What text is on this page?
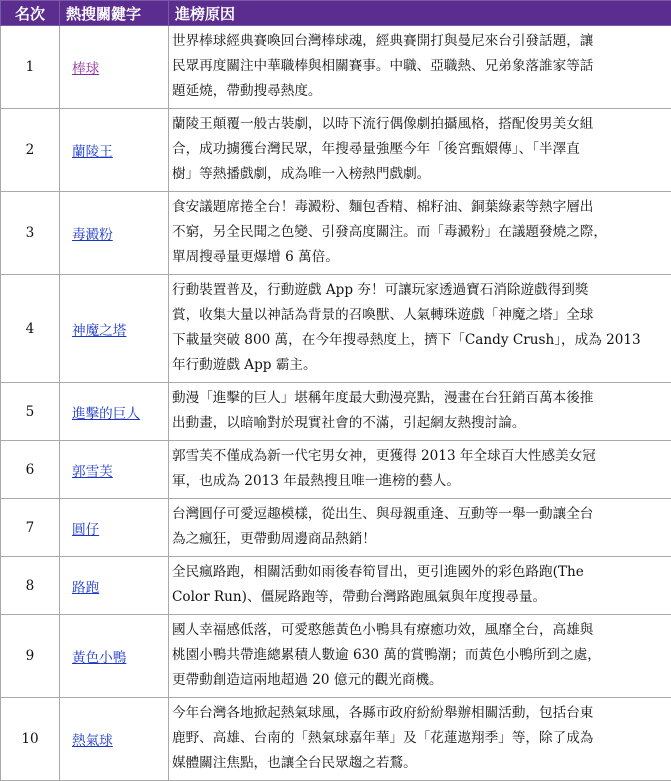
名次	熱搜關鍵字	進榜原因
1	棒球	世界棒球經典賽喚回台灣棒球魂，經典賽開打與曼尼來台引發話題，讓
民眾再度關注中華職棒與相關賽事。中職、亞職熱、兄弟象落誰家等話
題延燒，帶動搜尋熱度。

2	蘭陵王	蘭陵王顛覆一般古裝劇，以時下流行偶像劇拍攝風格，搭配俊男美女組
合，成功擄獲台灣民眾，年搜尋量強壓今年「後宮甄嬛傳」、「半澤直
樹」等熱播戲劇，成為唯一入榜熱門戲劇。

3	毒澱粉	食安議題席捲全台！毒澱粉、麵包香精、棉籽油、銅葉綠素等熱字層出
不窮，另全民聞之色變、引發高度關注。而「毒澱粉」在議題發燒之際，
單周搜尋量更爆增 6 萬倍。

4	神魔之塔	行動裝置普及，行動遊戲 App 夯！可讓玩家透過寶石消除遊戲得到獎
賞，收集大量以神話為背景的召喚獸、人氣轉珠遊戲「神魔之塔」全球
下載量突破 800 萬，在今年搜尋熱度上，擠下「Candy Crush」，成為 2013
年行動遊戲 App 霸主。

5	進擊的巨人	動漫「進擊的巨人」堪稱年度最大動漫亮點，漫畫在台狂銷百萬本後推
出動畫，以暗喻對於現實社會的不滿，引起網友熱搜討論。

6	郭雪芙	郭雪芙不僅成為新一代宅男女神，更獲得 2013 年全球百大性感美女冠
軍，也成為 2013 年最熱搜且唯一進榜的藝人。

7	圓仔	台灣圓仔可愛逗趣模樣，從出生、與母親重逢、互動等一舉一動讓全台
為之瘋狂，更帶動周邊商品熱銷！

8	路跑	全民瘋路跑，相關活動如雨後春筍冒出，更引進國外的彩色路跑(The
Color Run)、僵屍路跑等，帶動台灣路跑風氣與年度搜尋量。

9	黃色小鴨	國人幸福感低落，可愛憨態黃色小鴨具有療癒功效，風靡全台，高雄與
桃園小鴨共帶進總累積人數逾 630 萬的賞鴨潮；而黃色小鴨所到之處，
更帶動創造這兩地超過 20 億元的觀光商機。

10	熱氣球	今年台灣各地掀起熱氣球風，各縣市政府紛紛舉辦相關活動，包括台東
鹿野、高雄、台南的「熱氣球嘉年華」及「花蓮遨翔季」等，除了成為
媒體關注焦點，也讓全台民眾趨之若鶩。
